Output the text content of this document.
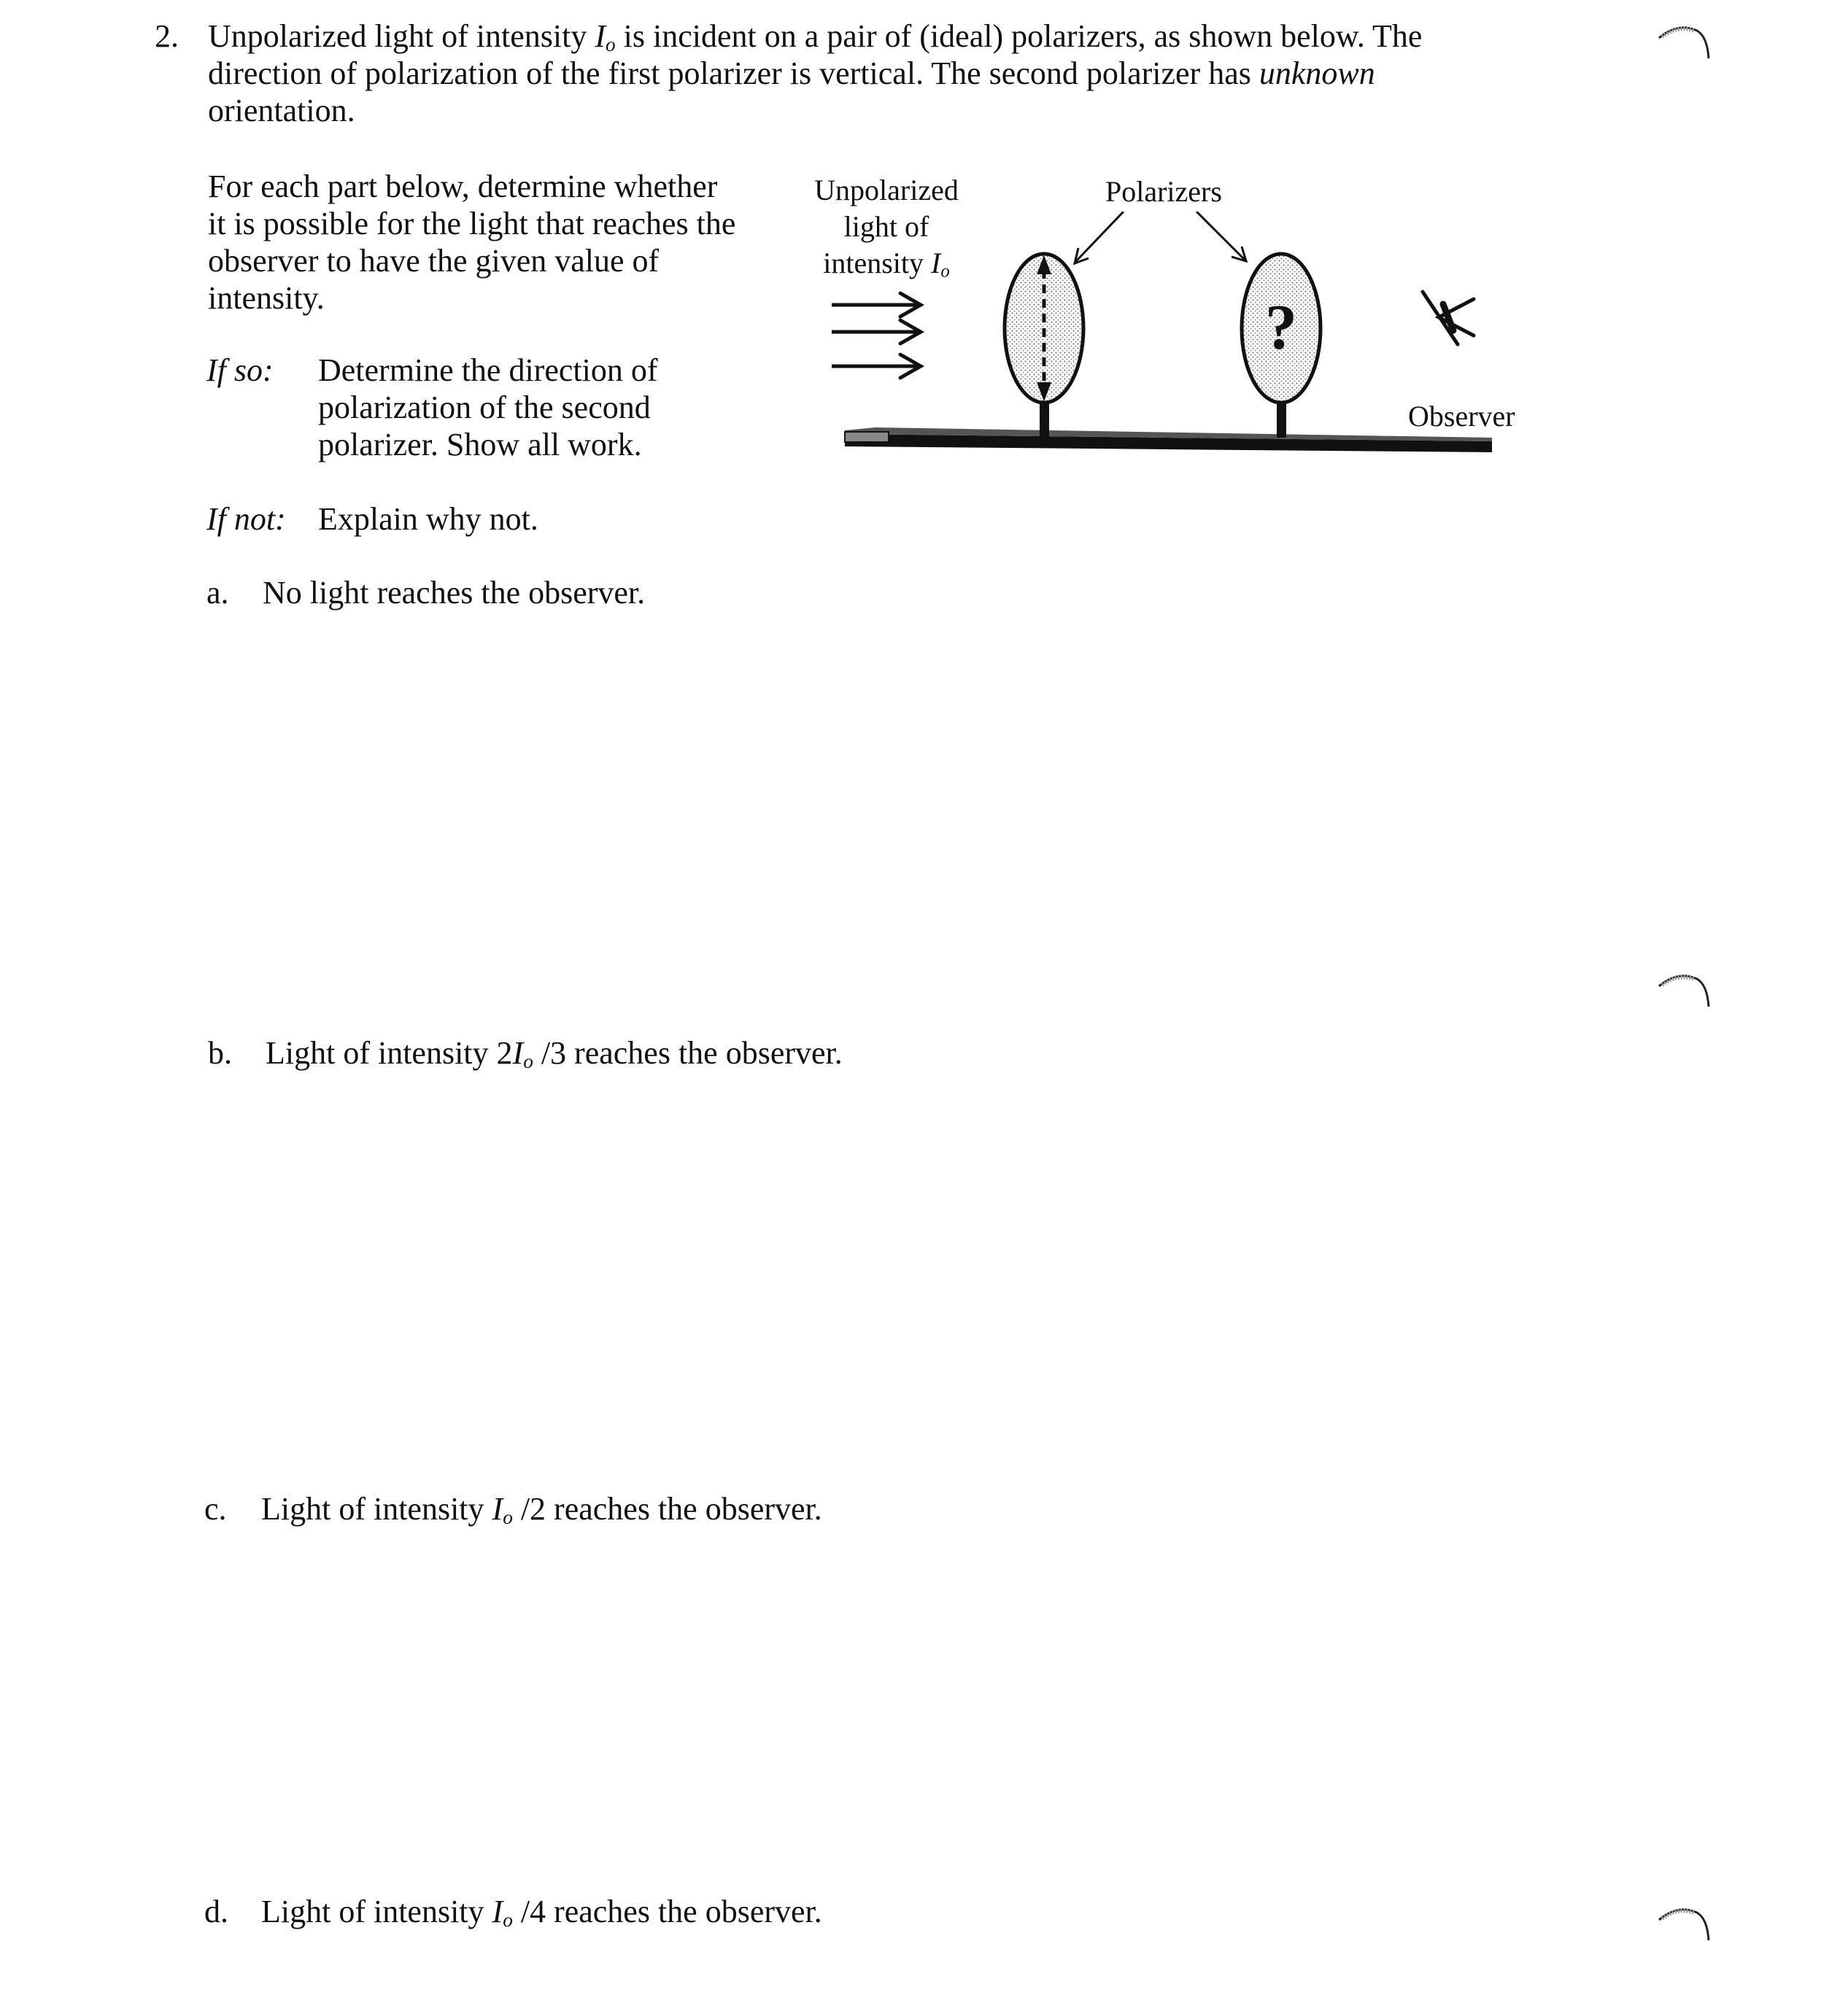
2. Unpolarized light of intensity $I_o$ is incident on a pair of (ideal) polarizers, as shown below. The
direction of polarization of the first polarizer is vertical. The second polarizer has unknown
orientation.
For each part below, determine whether
it is possible for the light that reaches the
observer to have the given value of
intensity.
If so: Determine the direction of
polarization of the second
polarizer. Show all work.
If not: Explain why not.
Unpolarized
light of
intensity $I_o$
Polarizers
Observer
?
a.	No light reaches the observer.
b.	Light of intensity $2I_o$ /3 reaches the observer.
c.	Light of intensity $I_o$ /2 reaches the observer.
d.	Light of intensity $I_o$ /4 reaches the observer.
